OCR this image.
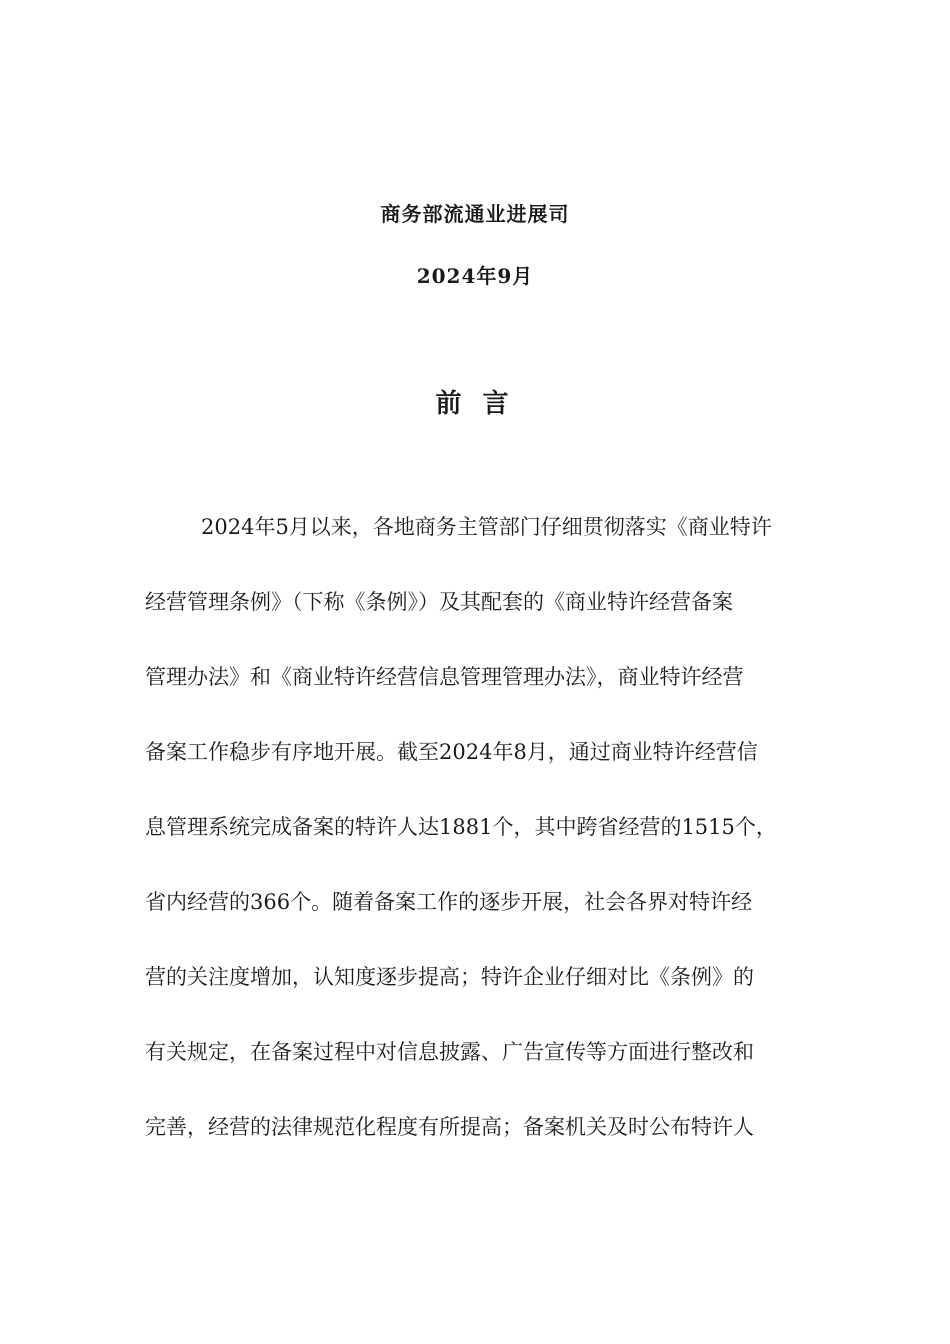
商务部流通业进展司
2024年9月
前 言
2024年5月以来，各地商务主管部门仔细贯彻落实《商业特许
经营管理条例》（下称《条例》）及其配套的《商业特许经营备案
管理办法》和《商业特许经营信息管理管理办法》，商业特许经营
备案工作稳步有序地开展。截至2024年8月，通过商业特许经营信
息管理系统完成备案的特许人达1881个，其中跨省经营的1515个，
省内经营的366个。随着备案工作的逐步开展，社会各界对特许经
营的关注度增加，认知度逐步提高；特许企业仔细对比《条例》的
有关规定，在备案过程中对信息披露、广告宣传等方面进行整改和
完善，经营的法律规范化程度有所提高；备案机关及时公布特许人
